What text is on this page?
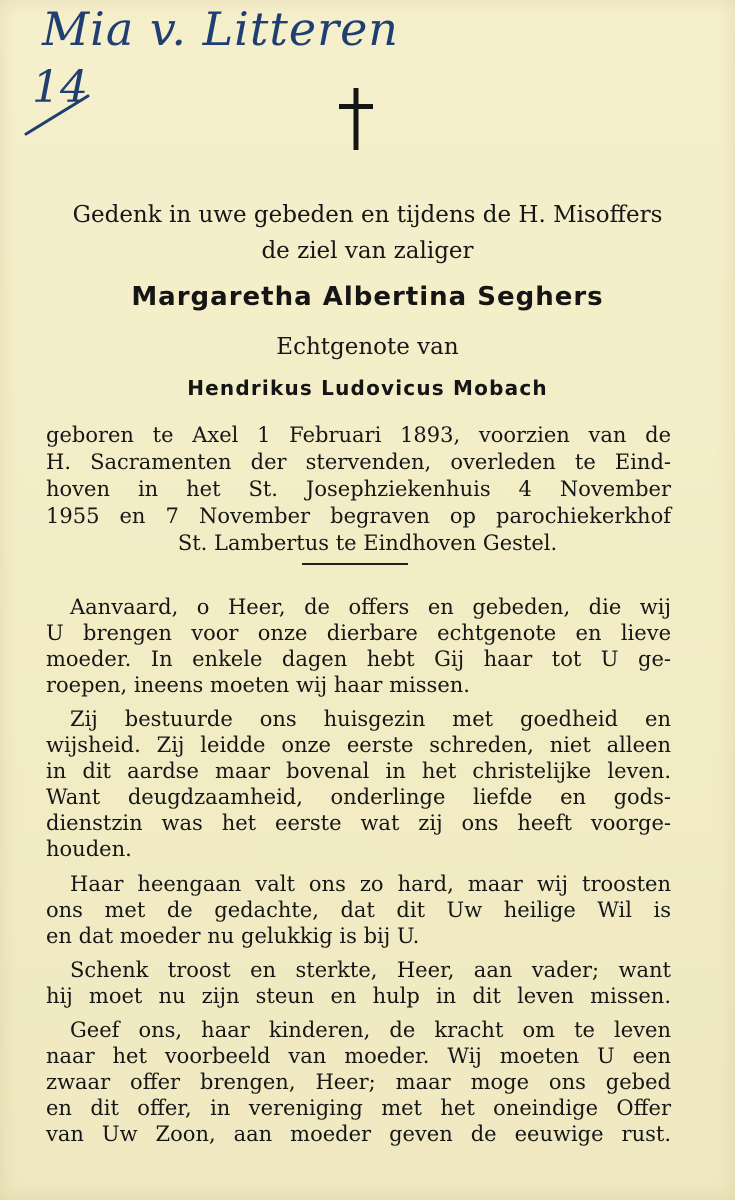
Mia v. Litteren
14
Gedenk in uwe gebeden en tijdens de H. Misoffers
de ziel van zaliger
Margaretha Albertina Seghers
Echtgenote van
Hendrikus Ludovicus Mobach
geboren te Axel 1 Februari 1893, voorzien van de
H. Sacramenten der stervenden, overleden te Eind-
hoven in het St. Josephziekenhuis 4 November
1955 en 7 November begraven op parochiekerkhof
St. Lambertus te Eindhoven Gestel.
Aanvaard, o Heer, de offers en gebeden, die wij
U brengen voor onze dierbare echtgenote en lieve
moeder. In enkele dagen hebt Gij haar tot U ge-
roepen, ineens moeten wij haar missen.
Zij bestuurde ons huisgezin met goedheid en
wijsheid. Zij leidde onze eerste schreden, niet alleen
in dit aardse maar bovenal in het christelijke leven.
Want deugdzaamheid, onderlinge liefde en gods-
dienstzin was het eerste wat zij ons heeft voorge-
houden.
Haar heengaan valt ons zo hard, maar wij troosten
ons met de gedachte, dat dit Uw heilige Wil is
en dat moeder nu gelukkig is bij U.
Schenk troost en sterkte, Heer, aan vader; want
hij moet nu zijn steun en hulp in dit leven missen.
Geef ons, haar kinderen, de kracht om te leven
naar het voorbeeld van moeder. Wij moeten U een
zwaar offer brengen, Heer; maar moge ons gebed
en dit offer, in vereniging met het oneindige Offer
van Uw Zoon, aan moeder geven de eeuwige rust.
